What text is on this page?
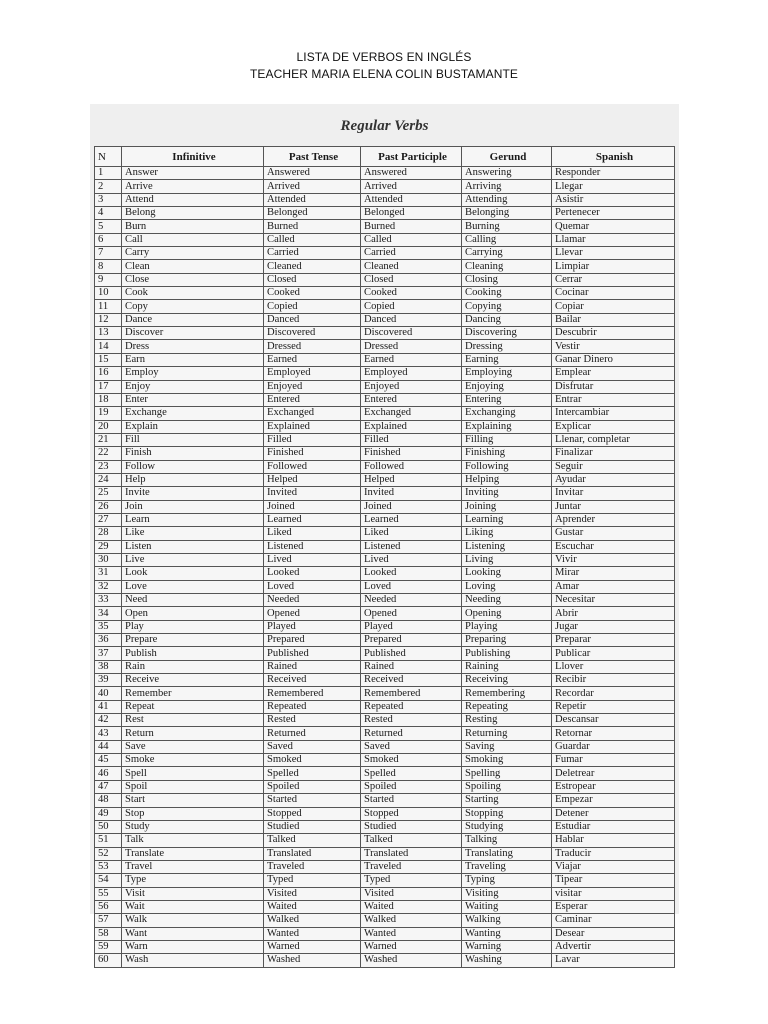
LISTA DE VERBOS EN INGLÉS
TEACHER MARIA ELENA COLIN BUSTAMANTE
Regular Verbs
N	Infinitive	Past Tense	Past Participle	Gerund	Spanish
1	Answer	Answered	Answered	Answering	Responder
2	Arrive	Arrived	Arrived	Arriving	Llegar
3	Attend	Attended	Attended	Attending	Asistir
4	Belong	Belonged	Belonged	Belonging	Pertenecer
5	Burn	Burned	Burned	Burning	Quemar
6	Call	Called	Called	Calling	Llamar
7	Carry	Carried	Carried	Carrying	Llevar
8	Clean	Cleaned	Cleaned	Cleaning	Limpiar
9	Close	Closed	Closed	Closing	Cerrar
10	Cook	Cooked	Cooked	Cooking	Cocinar
11	Copy	Copied	Copied	Copying	Copiar
12	Dance	Danced	Danced	Dancing	Bailar
13	Discover	Discovered	Discovered	Discovering	Descubrir
14	Dress	Dressed	Dressed	Dressing	Vestir
15	Earn	Earned	Earned	Earning	Ganar Dinero
16	Employ	Employed	Employed	Employing	Emplear
17	Enjoy	Enjoyed	Enjoyed	Enjoying	Disfrutar
18	Enter	Entered	Entered	Entering	Entrar
19	Exchange	Exchanged	Exchanged	Exchanging	Intercambiar
20	Explain	Explained	Explained	Explaining	Explicar
21	Fill	Filled	Filled	Filling	Llenar, completar
22	Finish	Finished	Finished	Finishing	Finalizar
23	Follow	Followed	Followed	Following	Seguir
24	Help	Helped	Helped	Helping	Ayudar
25	Invite	Invited	Invited	Inviting	Invitar
26	Join	Joined	Joined	Joining	Juntar
27	Learn	Learned	Learned	Learning	Aprender
28	Like	Liked	Liked	Liking	Gustar
29	Listen	Listened	Listened	Listening	Escuchar
30	Live	Lived	Lived	Living	Vivir
31	Look	Looked	Looked	Looking	Mirar
32	Love	Loved	Loved	Loving	Amar
33	Need	Needed	Needed	Needing	Necesitar
34	Open	Opened	Opened	Opening	Abrir
35	Play	Played	Played	Playing	Jugar
36	Prepare	Prepared	Prepared	Preparing	Preparar
37	Publish	Published	Published	Publishing	Publicar
38	Rain	Rained	Rained	Raining	Llover
39	Receive	Received	Received	Receiving	Recibir
40	Remember	Remembered	Remembered	Remembering	Recordar
41	Repeat	Repeated	Repeated	Repeating	Repetir
42	Rest	Rested	Rested	Resting	Descansar
43	Return	Returned	Returned	Returning	Retornar
44	Save	Saved	Saved	Saving	Guardar
45	Smoke	Smoked	Smoked	Smoking	Fumar
46	Spell	Spelled	Spelled	Spelling	Deletrear
47	Spoil	Spoiled	Spoiled	Spoiling	Estropear
48	Start	Started	Started	Starting	Empezar
49	Stop	Stopped	Stopped	Stopping	Detener
50	Study	Studied	Studied	Studying	Estudiar
51	Talk	Talked	Talked	Talking	Hablar
52	Translate	Translated	Translated	Translating	Traducir
53	Travel	Traveled	Traveled	Traveling	Viajar
54	Type	Typed	Typed	Typing	Tipear
55	Visit	Visited	Visited	Visiting	visitar
56	Wait	Waited	Waited	Waiting	Esperar
57	Walk	Walked	Walked	Walking	Caminar
58	Want	Wanted	Wanted	Wanting	Desear
59	Warn	Warned	Warned	Warning	Advertir
60	Wash	Washed	Washed	Washing	Lavar
